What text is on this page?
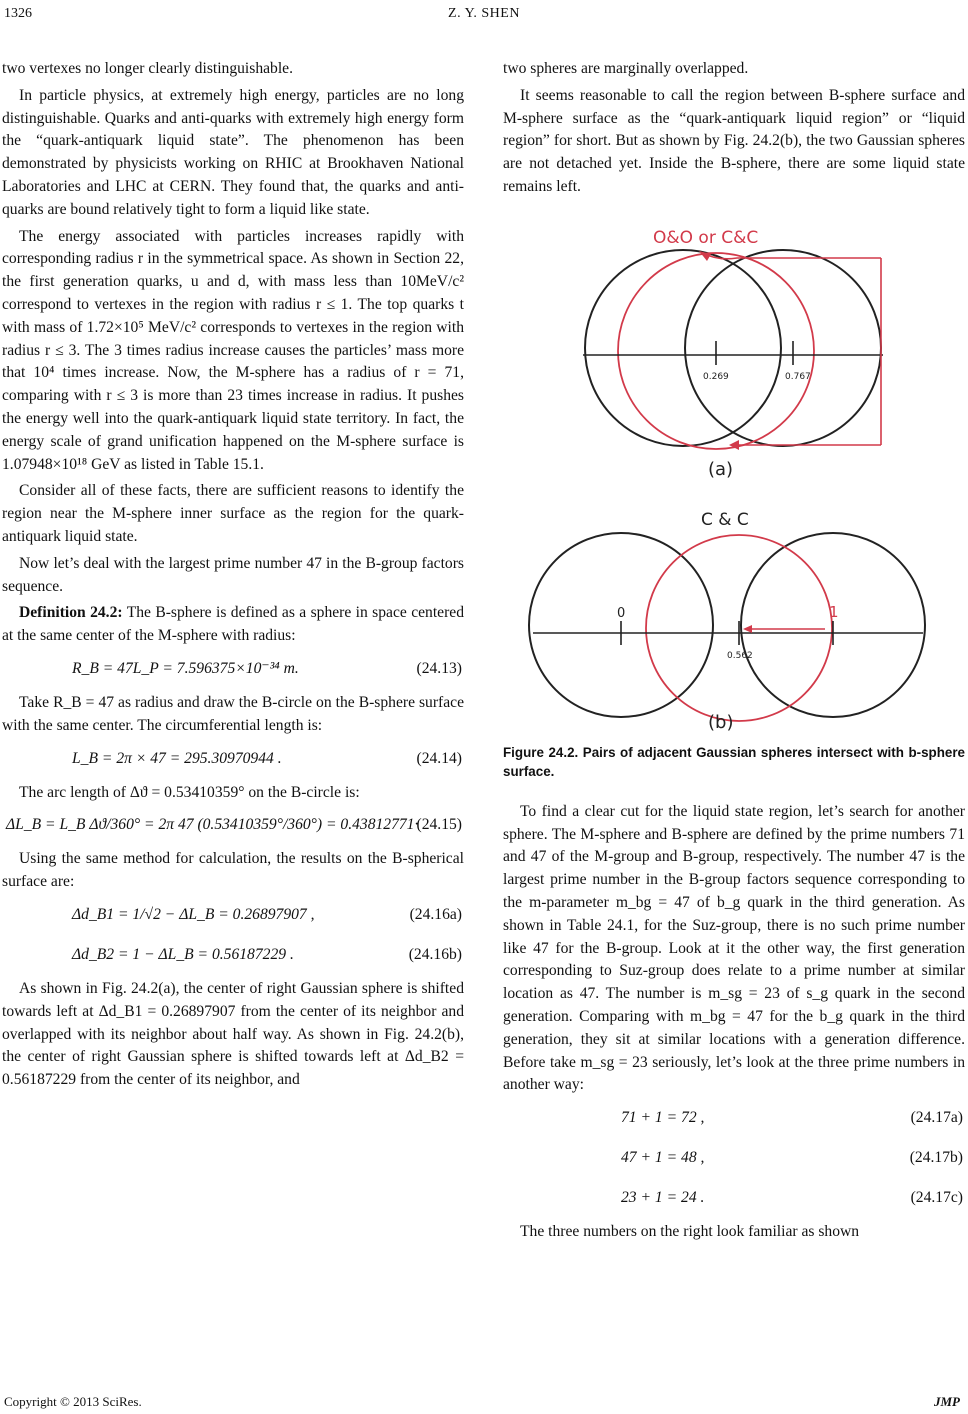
1326	Z. Y. SHEN

two vertexes no longer clearly distinguishable.

In particle physics, at extremely high energy, particles are no long distinguishable. Quarks and anti-quarks with extremely high energy form the “quark-antiquark liquid state”. The phenomenon has been demonstrated by physicists working on RHIC at Brookhaven National Laboratories and LHC at CERN. They found that, the quarks and anti-quarks are bound relatively tight to form a liquid like state.

The energy associated with particles increases rapidly with corresponding radius r in the symmetrical space. As shown in Section 22, the first generation quarks, u and d, with mass less than 10MeV/c² correspond to vertexes in the region with radius r ≤ 1. The top quarks t with mass of 1.72×10⁵ MeV/c² corresponds to vertexes in the region with radius r ≤ 3. The 3 times radius increase causes the particles’ mass more that 10⁴ times increase. Now, the M-sphere has a radius of r = 71, comparing with r ≤ 3 is more than 23 times increase in radius. It pushes the energy well into the quark-antiquark liquid state territory. In fact, the energy scale of grand unification happened on the M-sphere surface is 1.07948×10¹⁸ GeV as listed in Table 15.1.

Consider all of these facts, there are sufficient reasons to identify the region near the M-sphere inner surface as the region for the quark-antiquark liquid state.

Now let’s deal with the largest prime number 47 in the B-group factors sequence.

Definition 24.2: The B-sphere is defined as a sphere in space centered at the same center of the M-sphere with radius:

R_B = 47L_P = 7.596375×10⁻³⁴ m.	(24.13)

Take R_B = 47 as radius and draw the B-circle on the B-sphere surface with the same center. The circumferential length is:

L_B = 2π × 47 = 295.30970944 .	(24.14)

The arc length of Δϑ = 0.53410359° on the B-circle is:

ΔL_B = L_B Δϑ/360° = 2π 47 (0.53410359°/360°) = 0.43812771·
(24.15)

Using the same method for calculation, the results on the B-spherical surface are:

Δd_B1 = 1/√2 − ΔL_B = 0.26897907 ,	(24.16a)
Δd_B2 = 1 − ΔL_B = 0.56187229 .	(24.16b)

As shown in Fig. 24.2(a), the center of right Gaussian sphere is shifted towards left at Δd_B1 = 0.26897907 from the center of its neighbor and overlapped with its neighbor about half way. As shown in Fig. 24.2(b), the center of right Gaussian sphere is shifted towards left at Δd_B2 = 0.56187229 from the center of its neighbor, and

two spheres are marginally overlapped.

It seems reasonable to call the region between B-sphere surface and M-sphere surface as the “quark-antiquark liquid region” or “liquid region” for short. But as shown by Fig. 24.2(b), the two Gaussian spheres are not detached yet. Inside the B-sphere, there are some liquid state remains left.

O&O or C&C
0.269	0.767
(a)
C & C
0
0.562
1
(b)

Figure 24.2. Pairs of adjacent Gaussian spheres intersect with b-sphere surface.

To find a clear cut for the liquid state region, let’s search for another sphere. The M-sphere and B-sphere are defined by the prime numbers 71 and 47 of the M-group and B-group, respectively. The number 47 is the largest prime number in the B-group factors sequence corresponding to the m-parameter m_bg = 47 of b_g quark in the third generation. As shown in Table 24.1, for the Suz-group, there is no such prime number like 47 for the B-group. Look at it the other way, the first generation corresponding to Suz-group does relate to a prime number at similar location as 47. The number is m_sg = 23 of s_g quark in the second generation. Comparing with m_bg = 47 for the b_g quark in the third generation, they sit at similar locations with a generation difference. Before take m_sg = 23 seriously, let’s look at the three prime numbers in another way:

71 + 1 = 72 ,	(24.17a)
47 + 1 = 48 ,	(24.17b)
23 + 1 = 24 .	(24.17c)

The three numbers on the right look familiar as shown

Copyright © 2013 SciRes.	JMP
